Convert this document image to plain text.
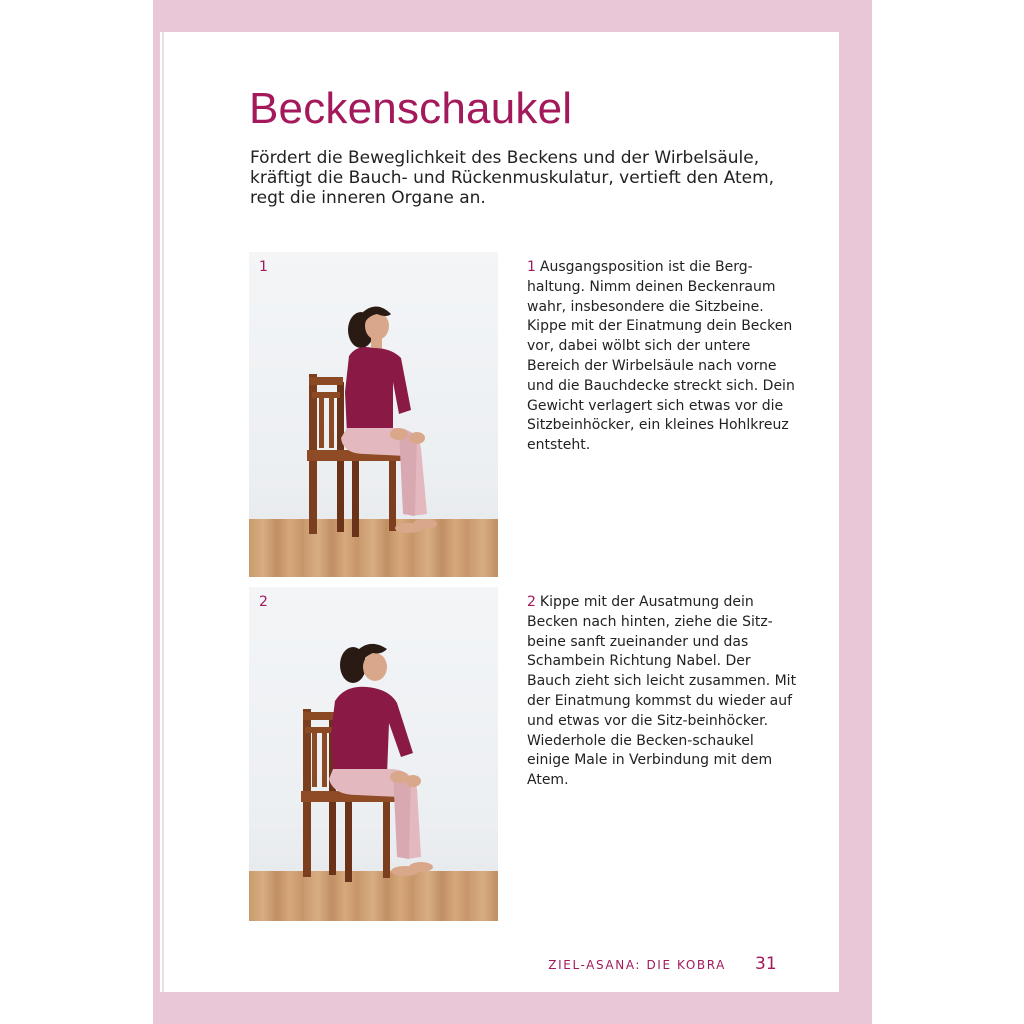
Beckenschaukel

Fördert die Beweglichkeit des Beckens und der Wirbelsäule, kräftigt die Bauch- und Rückenmuskulatur, vertieft den Atem, regt die inneren Organe an.

1
2

1 Ausgangsposition ist die Berg-haltung. Nimm deinen Beckenraum wahr, insbesondere die Sitzbeine. Kippe mit der Einatmung dein Becken vor, dabei wölbt sich der untere Bereich der Wirbelsäule nach vorne und die Bauchdecke streckt sich. Dein Gewicht verlagert sich etwas vor die Sitzbeinhöcker, ein kleines Hohlkreuz entsteht.

2 Kippe mit der Ausatmung dein Becken nach hinten, ziehe die Sitz-beine sanft zueinander und das Schambein Richtung Nabel. Der Bauch zieht sich leicht zusammen. Mit der Einatmung kommst du wieder auf und etwas vor die Sitz-beinhöcker. Wiederhole die Becken-schaukel einige Male in Verbindung mit dem Atem.

ZIEL-ASANA: DIE KOBRA 31
